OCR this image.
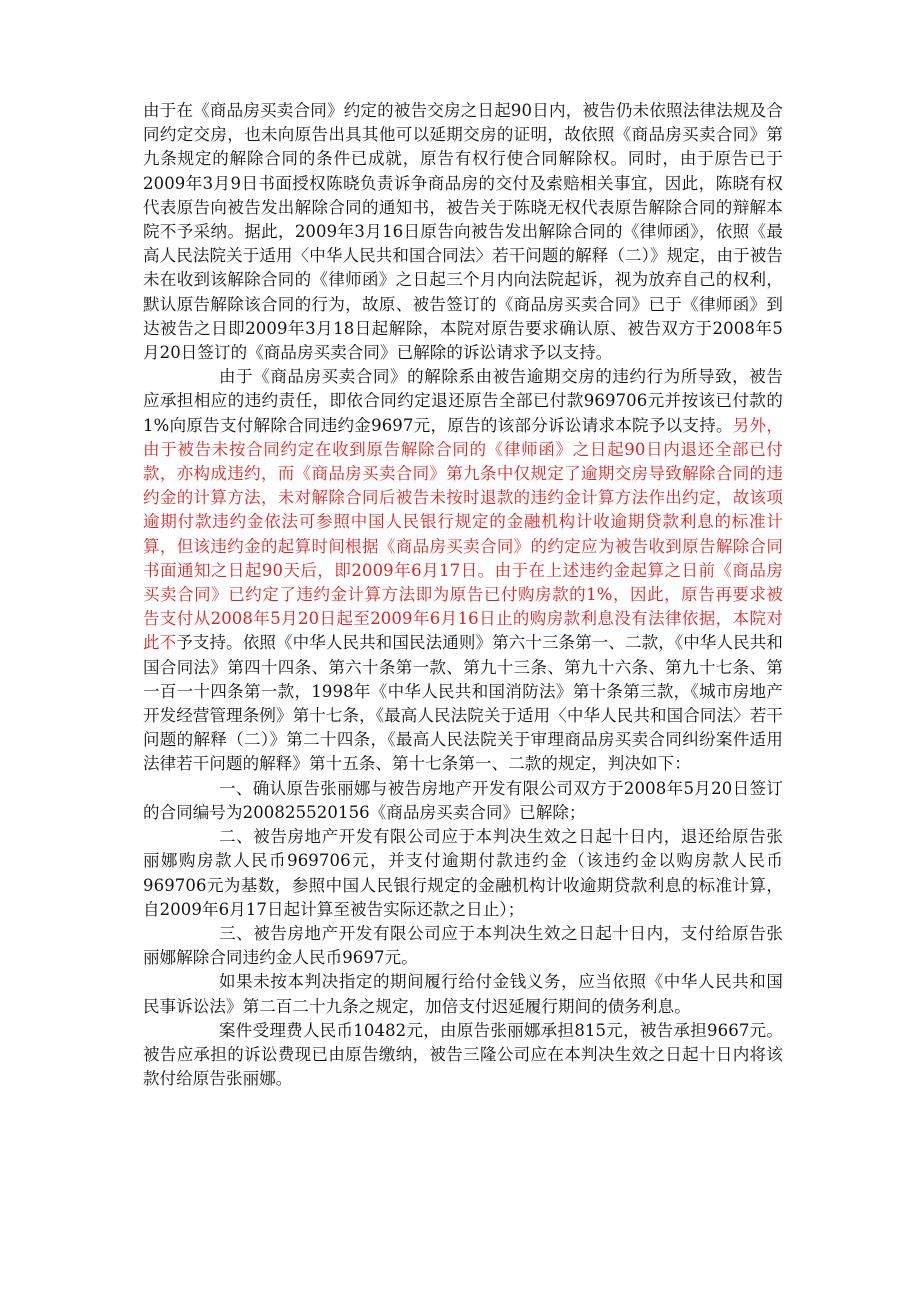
由于在《商品房买卖合同》约定的被告交房之日起90日内，被告仍未依照法律法规及合同约定交房，也未向原告出具其他可以延期交房的证明，故依照《商品房买卖合同》第九条规定的解除合同的条件已成就，原告有权行使合同解除权。同时，由于原告已于2009年3月9日书面授权陈晓负责诉争商品房的交付及索赔相关事宜，因此，陈晓有权代表原告向被告发出解除合同的通知书，被告关于陈晓无权代表原告解除合同的辩解本院不予采纳。据此，2009年3月16日原告向被告发出解除合同的《律师函》，依照《最高人民法院关于适用〈中华人民共和国合同法〉若干问题的解释（二）》规定，由于被告未在收到该解除合同的《律师函》之日起三个月内向法院起诉，视为放弃自己的权利，默认原告解除该合同的行为，故原、被告签订的《商品房买卖合同》已于《律师函》到达被告之日即2009年3月18日起解除，本院对原告要求确认原、被告双方于2008年5月20日签订的《商品房买卖合同》已解除的诉讼请求予以支持。

由于《商品房买卖合同》的解除系由被告逾期交房的违约行为所导致，被告应承担相应的违约责任，即依合同约定退还原告全部已付款969706元并按该已付款的1%向原告支付解除合同违约金9697元，原告的该部分诉讼请求本院予以支持。另外，由于被告未按合同约定在收到原告解除合同的《律师函》之日起90日内退还全部已付款，亦构成违约，而《商品房买卖合同》第九条中仅规定了逾期交房导致解除合同的违约金的计算方法，未对解除合同后被告未按时退款的违约金计算方法作出约定，故该项逾期付款违约金依法可参照中国人民银行规定的金融机构计收逾期贷款利息的标准计算，但该违约金的起算时间根据《商品房买卖合同》的约定应为被告收到原告解除合同书面通知之日起90天后，即2009年6月17日。由于在上述违约金起算之日前《商品房买卖合同》已约定了违约金计算方法即为原告已付购房款的1%，因此，原告再要求被告支付从2008年5月20日起至2009年6月16日止的购房款利息没有法律依据，本院对此不予支持。依照《中华人民共和国民法通则》第六十三条第一、二款，《中华人民共和国合同法》第四十四条、第六十条第一款、第九十三条、第九十六条、第九十七条、第一百一十四条第一款，1998年《中华人民共和国消防法》第十条第三款，《城市房地产开发经营管理条例》第十七条，《最高人民法院关于适用〈中华人民共和国合同法〉若干问题的解释（二）》第二十四条，《最高人民法院关于审理商品房买卖合同纠纷案件适用法律若干问题的解释》第十五条、第十七条第一、二款的规定，判决如下：

一、确认原告张丽娜与被告房地产开发有限公司双方于2008年5月20日签订的合同编号为200825520156《商品房买卖合同》已解除；

二、被告房地产开发有限公司应于本判决生效之日起十日内，退还给原告张丽娜购房款人民币969706元，并支付逾期付款违约金（该违约金以购房款人民币969706元为基数，参照中国人民银行规定的金融机构计收逾期贷款利息的标准计算，自2009年6月17日起计算至被告实际还款之日止）；

三、被告房地产开发有限公司应于本判决生效之日起十日内，支付给原告张丽娜解除合同违约金人民币9697元。

如果未按本判决指定的期间履行给付金钱义务，应当依照《中华人民共和国民事诉讼法》第二百二十九条之规定，加倍支付迟延履行期间的债务利息。

案件受理费人民币10482元，由原告张丽娜承担815元，被告承担9667元。被告应承担的诉讼费现已由原告缴纳，被告三隆公司应在本判决生效之日起十日内将该款付给原告张丽娜。
